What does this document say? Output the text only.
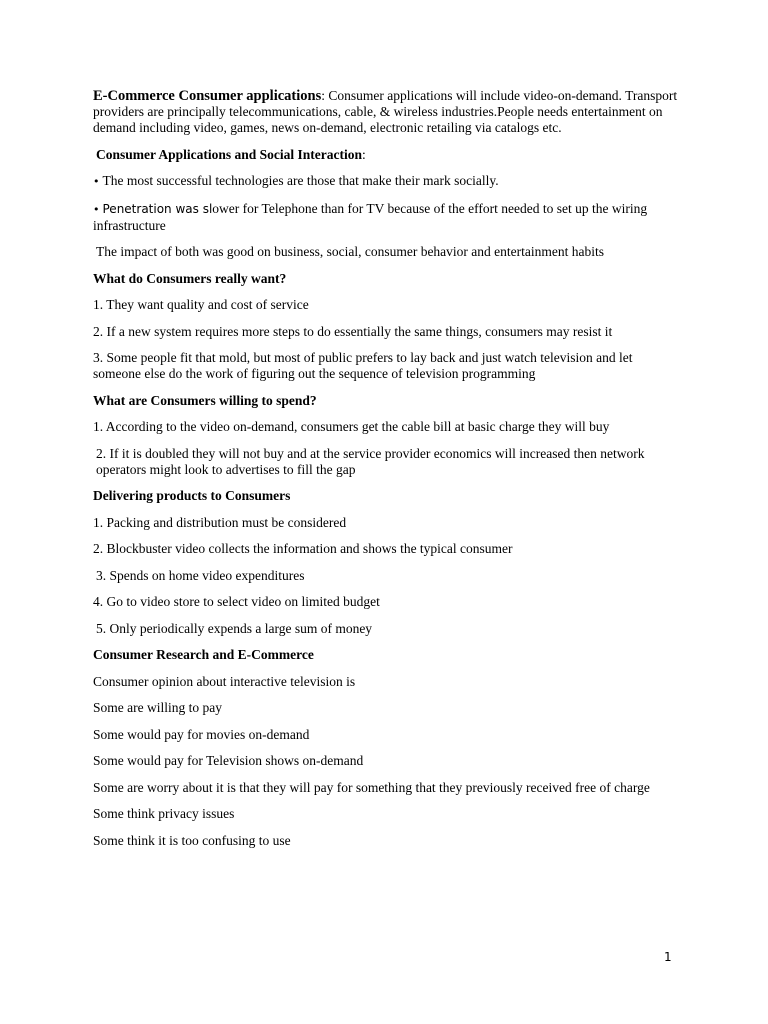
E-Commerce Consumer applications: Consumer applications will include video-on-demand. Transport providers are principally telecommunications, cable, & wireless industries.People needs entertainment on demand including video, games, news on-demand, electronic retailing via catalogs etc.

Consumer Applications and Social Interaction:

• The most successful technologies are those that make their mark socially.

• Penetration was slower for Telephone than for TV because of the effort needed to set up the wiring infrastructure

The impact of both was good on business, social, consumer behavior and entertainment habits

What do Consumers really want?

1. They want quality and cost of service

2. If a new system requires more steps to do essentially the same things, consumers may resist it

3. Some people fit that mold, but most of public prefers to lay back and just watch television and let someone else do the work of figuring out the sequence of television programming

What are Consumers willing to spend?

1. According to the video on-demand, consumers get the cable bill at basic charge they will buy

2. If it is doubled they will not buy and at the service provider economics will increased then network operators might look to advertises to fill the gap

Delivering products to Consumers

1. Packing and distribution must be considered

2. Blockbuster video collects the information and shows the typical consumer

3. Spends on home video expenditures

4. Go to video store to select video on limited budget

5. Only periodically expends a large sum of money

Consumer Research and E-Commerce

Consumer opinion about interactive television is

Some are willing to pay

Some would pay for movies on-demand

Some would pay for Television shows on-demand

Some are worry about it is that they will pay for something that they previously received free of charge

Some think privacy issues

Some think it is too confusing to use

1
